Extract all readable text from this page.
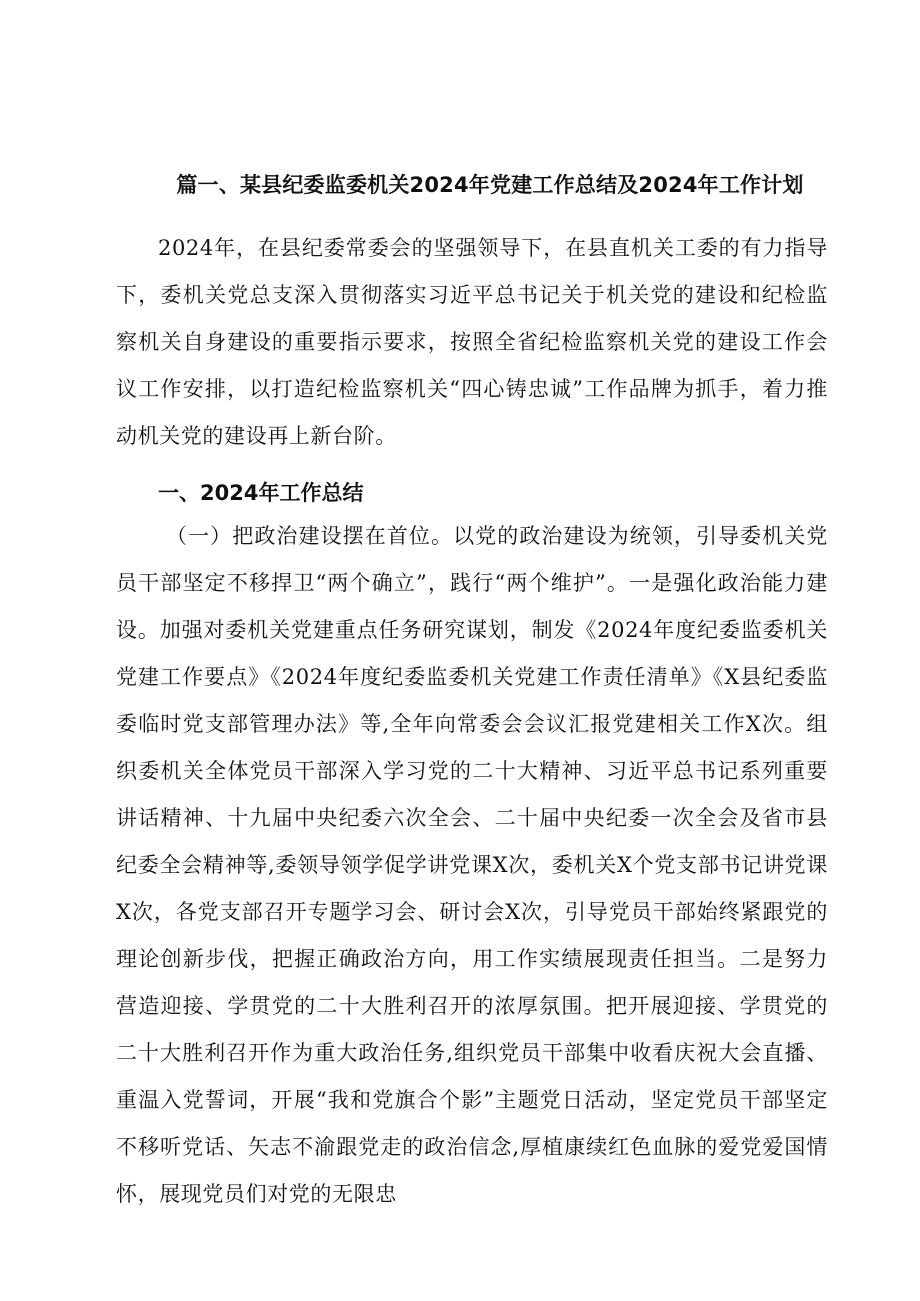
篇一、某县纪委监委机关2024年党建工作总结及2024年工作计划

2024年，在县纪委常委会的坚强领导下，在县直机关工委的有力指导下，委机关党总支深入贯彻落实习近平总书记关于机关党的建设和纪检监察机关自身建设的重要指示要求，按照全省纪检监察机关党的建设工作会议工作安排，以打造纪检监察机关“四心铸忠诚”工作品牌为抓手，着力推动机关党的建设再上新台阶。

一、2024年工作总结

（一）把政治建设摆在首位。以党的政治建设为统领，引导委机关党员干部坚定不移捍卫“两个确立”，践行“两个维护”。一是强化政治能力建设。加强对委机关党建重点任务研究谋划，制发《2024年度纪委监委机关党建工作要点》《2024年度纪委监委机关党建工作责任清单》《X县纪委监委临时党支部管理办法》等,全年向常委会会议汇报党建相关工作X次。组织委机关全体党员干部深入学习党的二十大精神、习近平总书记系列重要讲话精神、十九届中央纪委六次全会、二十届中央纪委一次全会及省市县纪委全会精神等,委领导领学促学讲党课X次，委机关X个党支部书记讲党课X次，各党支部召开专题学习会、研讨会X次，引导党员干部始终紧跟党的理论创新步伐，把握正确政治方向，用工作实绩展现责任担当。二是努力营造迎接、学贯党的二十大胜利召开的浓厚氛围。把开展迎接、学贯党的二十大胜利召开作为重大政治任务,组织党员干部集中收看庆祝大会直播、重温入党誓词，开展“我和党旗合个影”主题党日活动，坚定党员干部坚定不移听党话、矢志不渝跟党走的政治信念,厚植康续红色血脉的爱党爱国情怀，展现党员们对党的无限忠
